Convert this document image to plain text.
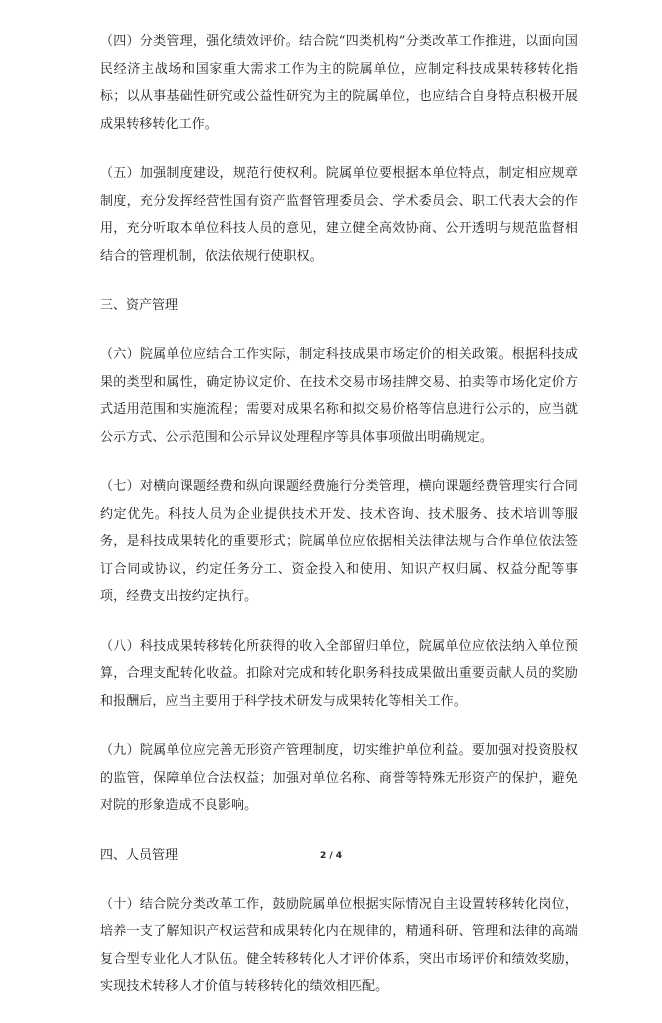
（四）分类管理，强化绩效评价。结合院“四类机构”分类改革工作推进，以面向国民经济主战场和国家重大需求工作为主的院属单位，应制定科技成果转移转化指标；以从事基础性研究或公益性研究为主的院属单位，也应结合自身特点积极开展成果转移转化工作。

（五）加强制度建设，规范行使权利。院属单位要根据本单位特点，制定相应规章制度，充分发挥经营性国有资产监督管理委员会、学术委员会、职工代表大会的作用，充分听取本单位科技人员的意见，建立健全高效协商、公开透明与规范监督相结合的管理机制，依法依规行使职权。

三、资产管理

（六）院属单位应结合工作实际，制定科技成果市场定价的相关政策。根据科技成果的类型和属性，确定协议定价、在技术交易市场挂牌交易、拍卖等市场化定价方式适用范围和实施流程；需要对成果名称和拟交易价格等信息进行公示的，应当就公示方式、公示范围和公示异议处理程序等具体事项做出明确规定。

（七）对横向课题经费和纵向课题经费施行分类管理，横向课题经费管理实行合同约定优先。科技人员为企业提供技术开发、技术咨询、技术服务、技术培训等服务，是科技成果转化的重要形式；院属单位应依据相关法律法规与合作单位依法签订合同或协议，约定任务分工、资金投入和使用、知识产权归属、权益分配等事项，经费支出按约定执行。

（八）科技成果转移转化所获得的收入全部留归单位，院属单位应依法纳入单位预算，合理支配转化收益。扣除对完成和转化职务科技成果做出重要贡献人员的奖励和报酬后，应当主要用于科学技术研发与成果转化等相关工作。

（九）院属单位应完善无形资产管理制度，切实维护单位利益。要加强对投资股权的监管，保障单位合法权益；加强对单位名称、商誉等特殊无形资产的保护，避免对院的形象造成不良影响。

四、人员管理

（十）结合院分类改革工作，鼓励院属单位根据实际情况自主设置转移转化岗位，培养一支了解知识产权运营和成果转化内在规律的，精通科研、管理和法律的高端复合型专业化人才队伍。健全转移转化人才评价体系，突出市场评价和绩效奖励，实现技术转移人才价值与转移转化的绩效相匹配。

2 / 4
